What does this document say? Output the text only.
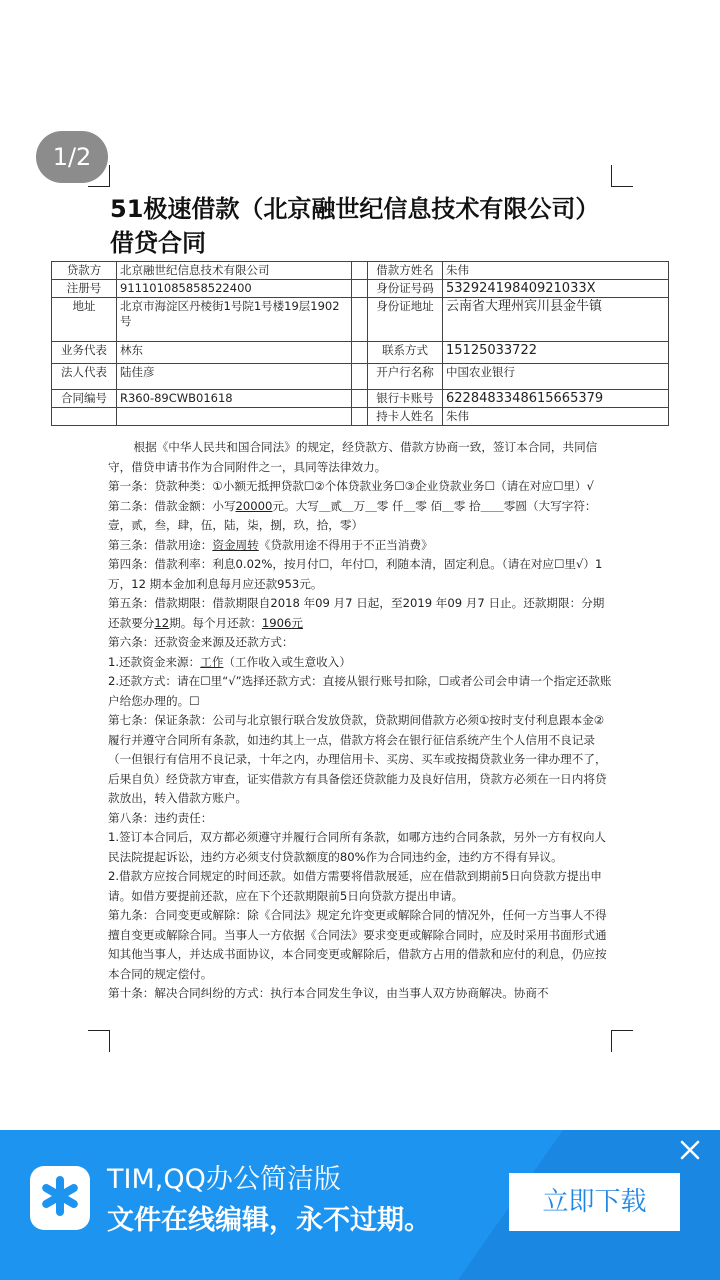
1/2
51极速借款（北京融世纪信息技术有限公司）借贷合同
贷款方	北京融世纪信息技术有限公司		借款方姓名	朱伟
注册号	911101085858522400		身份证号码	53292419840921033X
地址	北京市海淀区丹棱街1号院1号楼19层1902号		身份证地址	云南省大理州宾川县金牛镇
业务代表	林东		联系方式	15125033722
法人代表	陆佳彦		开户行名称	中国农业银行
合同编号	R360-89CWB01618		银行卡账号	6228483348615665379
			持卡人姓名	朱伟

根据《中华人民共和国合同法》的规定，经贷款方、借款方协商一致，签订本合同，共同信守，借贷申请书作为合同附件之一，具同等法律效力。

第一条：贷款种类：①小额无抵押贷款☐②个体贷款业务☐③企业贷款业务☐（请在对应☐里）√

第二条：借款金额：小写20000元。大写＿贰＿万＿零 仟＿零 佰＿零 拾＿＿零圆（大写字符：壹，贰，叁，肆，伍，陆，柒，捌，玖，拾，零）

第三条：借款用途：资金周转《贷款用途不得用于不正当消费》

第四条：借款利率：利息0.02%，按月付☐，年付☐，利随本清，固定利息。（请在对应☐里√）1万，12 期本金加利息每月应还款953元。

第五条：借款期限：借款期限自2018 年09 月7 日起，至2019 年09 月7 日止。还款期限：分期还款要分12期。每个月还款：1906元

第六条：还款资金来源及还款方式：

1.还款资金来源：工作（工作收入或生意收入）

2.还款方式：请在☐里“√”选择还款方式：直接从银行账号扣除，☐或者公司会申请一个指定还款账户给您办理的。☐

第七条：保证条款：公司与北京银行联合发放贷款，贷款期间借款方必须①按时支付利息跟本金②履行并遵守合同所有条款，如违约其上一点，借款方将会在银行征信系统产生个人信用不良记录（一但银行有信用不良记录，十年之内，办理信用卡、买房、买车或按揭贷款业务一律办理不了，后果自负）经贷款方审查，证实借款方有具备偿还贷款能力及良好信用，贷款方必须在一日内将贷款放出，转入借款方账户。

第八条：违约责任：

1.签订本合同后，双方都必须遵守并履行合同所有条款，如哪方违约合同条款，另外一方有权向人民法院提起诉讼，违约方必须支付贷款额度的80%作为合同违约金，违约方不得有异议。

2.借款方应按合同规定的时间还款。如借方需要将借款展延，应在借款到期前5日向贷款方提出申请。如借方要提前还款，应在下个还款期限前5日向贷款方提出申请。

第九条：合同变更或解除：除《合同法》规定允许变更或解除合同的情况外，任何一方当事人不得擅自变更或解除合同。当事人一方依据《合同法》要求变更或解除合同时，应及时采用书面形式通知其他当事人，并达成书面协议，本合同变更或解除后，借款方占用的借款和应付的利息，仍应按本合同的规定偿付。

第十条：解决合同纠纷的方式：执行本合同发生争议，由当事人双方协商解决。协商不

TIM,QQ办公简洁版
文件在线编辑，永不过期。
立即下载
